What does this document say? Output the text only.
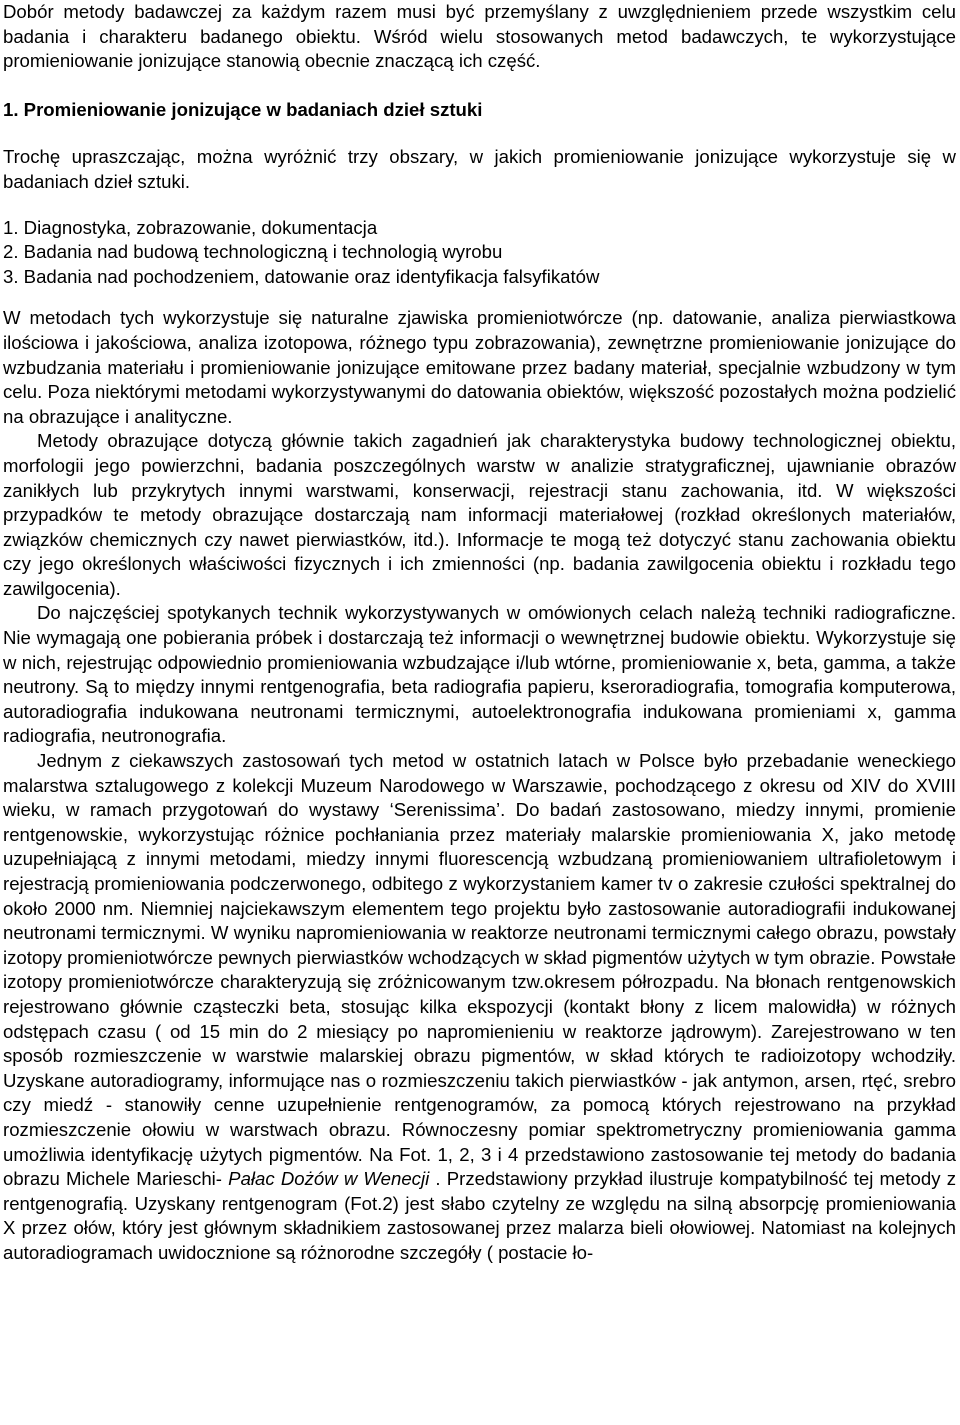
Dobór metody badawczej za każdym razem musi być przemyślany z uwzględnieniem przede wszystkim celu badania i charakteru badanego obiektu. Wśród wielu stosowanych metod badawczych, te wykorzystujące promieniowanie jonizujące stanowią obecnie znaczącą ich część.

1. Promieniowanie jonizujące w badaniach dzieł sztuki

Trochę upraszczając, można wyróżnić trzy obszary, w jakich promieniowanie jonizujące wykorzystuje się w badaniach dzieł sztuki.

1. Diagnostyka, zobrazowanie, dokumentacja
2. Badania nad budową technologiczną i technologią wyrobu
3. Badania nad pochodzeniem, datowanie oraz identyfikacja falsyfikatów

W metodach tych wykorzystuje się naturalne zjawiska promieniotwórcze (np. datowanie, analiza pierwiastkowa ilościowa i jakościowa, analiza izotopowa, różnego typu zobrazowania), zewnętrzne promieniowanie jonizujące do wzbudzania materiału i promieniowanie jonizujące emitowane przez badany materiał, specjalnie wzbudzony w tym celu. Poza niektórymi metodami wykorzystywanymi do datowania obiektów, większość pozostałych można podzielić na obrazujące i analityczne.

Metody obrazujące dotyczą głównie takich zagadnień jak charakterystyka budowy technologicznej obiektu, morfologii jego powierzchni, badania poszczególnych warstw w analizie stratygraficznej, ujawnianie obrazów zanikłych lub przykrytych innymi warstwami, konserwacji, rejestracji stanu zachowania, itd. W większości przypadków te metody obrazujące dostarczają nam informacji materiałowej (rozkład określonych materiałów, związków chemicznych czy nawet pierwiastków, itd.). Informacje te mogą też dotyczyć stanu zachowania obiektu czy jego określonych właściwości fizycznych i ich zmienności (np. badania zawilgocenia obiektu i rozkładu tego zawilgocenia).

Do najczęściej spotykanych technik wykorzystywanych w omówionych celach należą techniki radiograficzne. Nie wymagają one pobierania próbek i dostarczają też informacji o wewnętrznej budowie obiektu. Wykorzystuje się w nich, rejestrując odpowiednio promieniowania wzbudzające i/lub wtórne, promieniowanie x, beta, gamma, a także neutrony. Są to między innymi rentgenografia, beta radiografia papieru, kseroradiografia, tomografia komputerowa, autoradiografia indukowana neutronami termicznymi, autoelektronografia indukowana promieniami x, gamma radiografia, neutronografia.

Jednym z ciekawszych zastosowań tych metod w ostatnich latach w Polsce było przebadanie weneckiego malarstwa sztalugowego z kolekcji Muzeum Narodowego w Warszawie, pochodzącego z okresu od XIV do XVIII wieku, w ramach przygotowań do wystawy ‘Serenissima’. Do badań zastosowano, miedzy innymi, promienie rentgenowskie, wykorzystując różnice pochłaniania przez materiały malarskie promieniowania X, jako metodę uzupełniającą z innymi metodami, miedzy innymi fluorescencją wzbudzaną promieniowaniem ultrafioletowym i rejestracją promieniowania podczerwonego, odbitego z wykorzystaniem kamer tv o zakresie czułości spektralnej do około 2000 nm. Niemniej najciekawszym elementem tego projektu było zastosowanie autoradiografii indukowanej neutronami termicznymi. W wyniku napromieniowania w reaktorze neutronami termicznymi całego obrazu, powstały izotopy promieniotwórcze pewnych pierwiastków wchodzących w skład pigmentów użytych w tym obrazie. Powstałe izotopy promieniotwórcze charakteryzują się zróżnicowanym tzw.okresem półrozpadu. Na błonach rentgenowskich rejestrowano głównie cząsteczki beta, stosując kilka ekspozycji (kontakt błony z licem malowidła) w różnych odstępach czasu ( od 15 min do 2 miesiący po napromienieniu w reaktorze jądrowym). Zarejestrowano w ten sposób rozmieszczenie w warstwie malarskiej obrazu pigmentów, w skład których te radioizotopy wchodziły. Uzyskane autoradiogramy, informujące nas o rozmieszczeniu takich pierwiastków - jak antymon, arsen, rtęć, srebro czy miedź - stanowiły cenne uzupełnienie rentgenogramów, za pomocą których rejestrowano na przykład rozmieszczenie ołowiu w warstwach obrazu. Równoczesny pomiar spektrometryczny promieniowania gamma umożliwia identyfikację użytych pigmentów. Na Fot. 1, 2, 3 i 4 przedstawiono zastosowanie tej metody do badania obrazu Michele Marieschi- Pałac Dożów w Wenecji . Przedstawiony przykład ilustruje kompatybilność tej metody z rentgenografią. Uzyskany rentgenogram (Fot.2) jest słabo czytelny ze względu na silną absorpcję promieniowania X przez ołów, który jest głównym składnikiem zastosowanej przez malarza bieli ołowiowej. Natomiast na kolejnych autoradiogramach uwidocznione są różnorodne szczegóły ( postacie ło-
